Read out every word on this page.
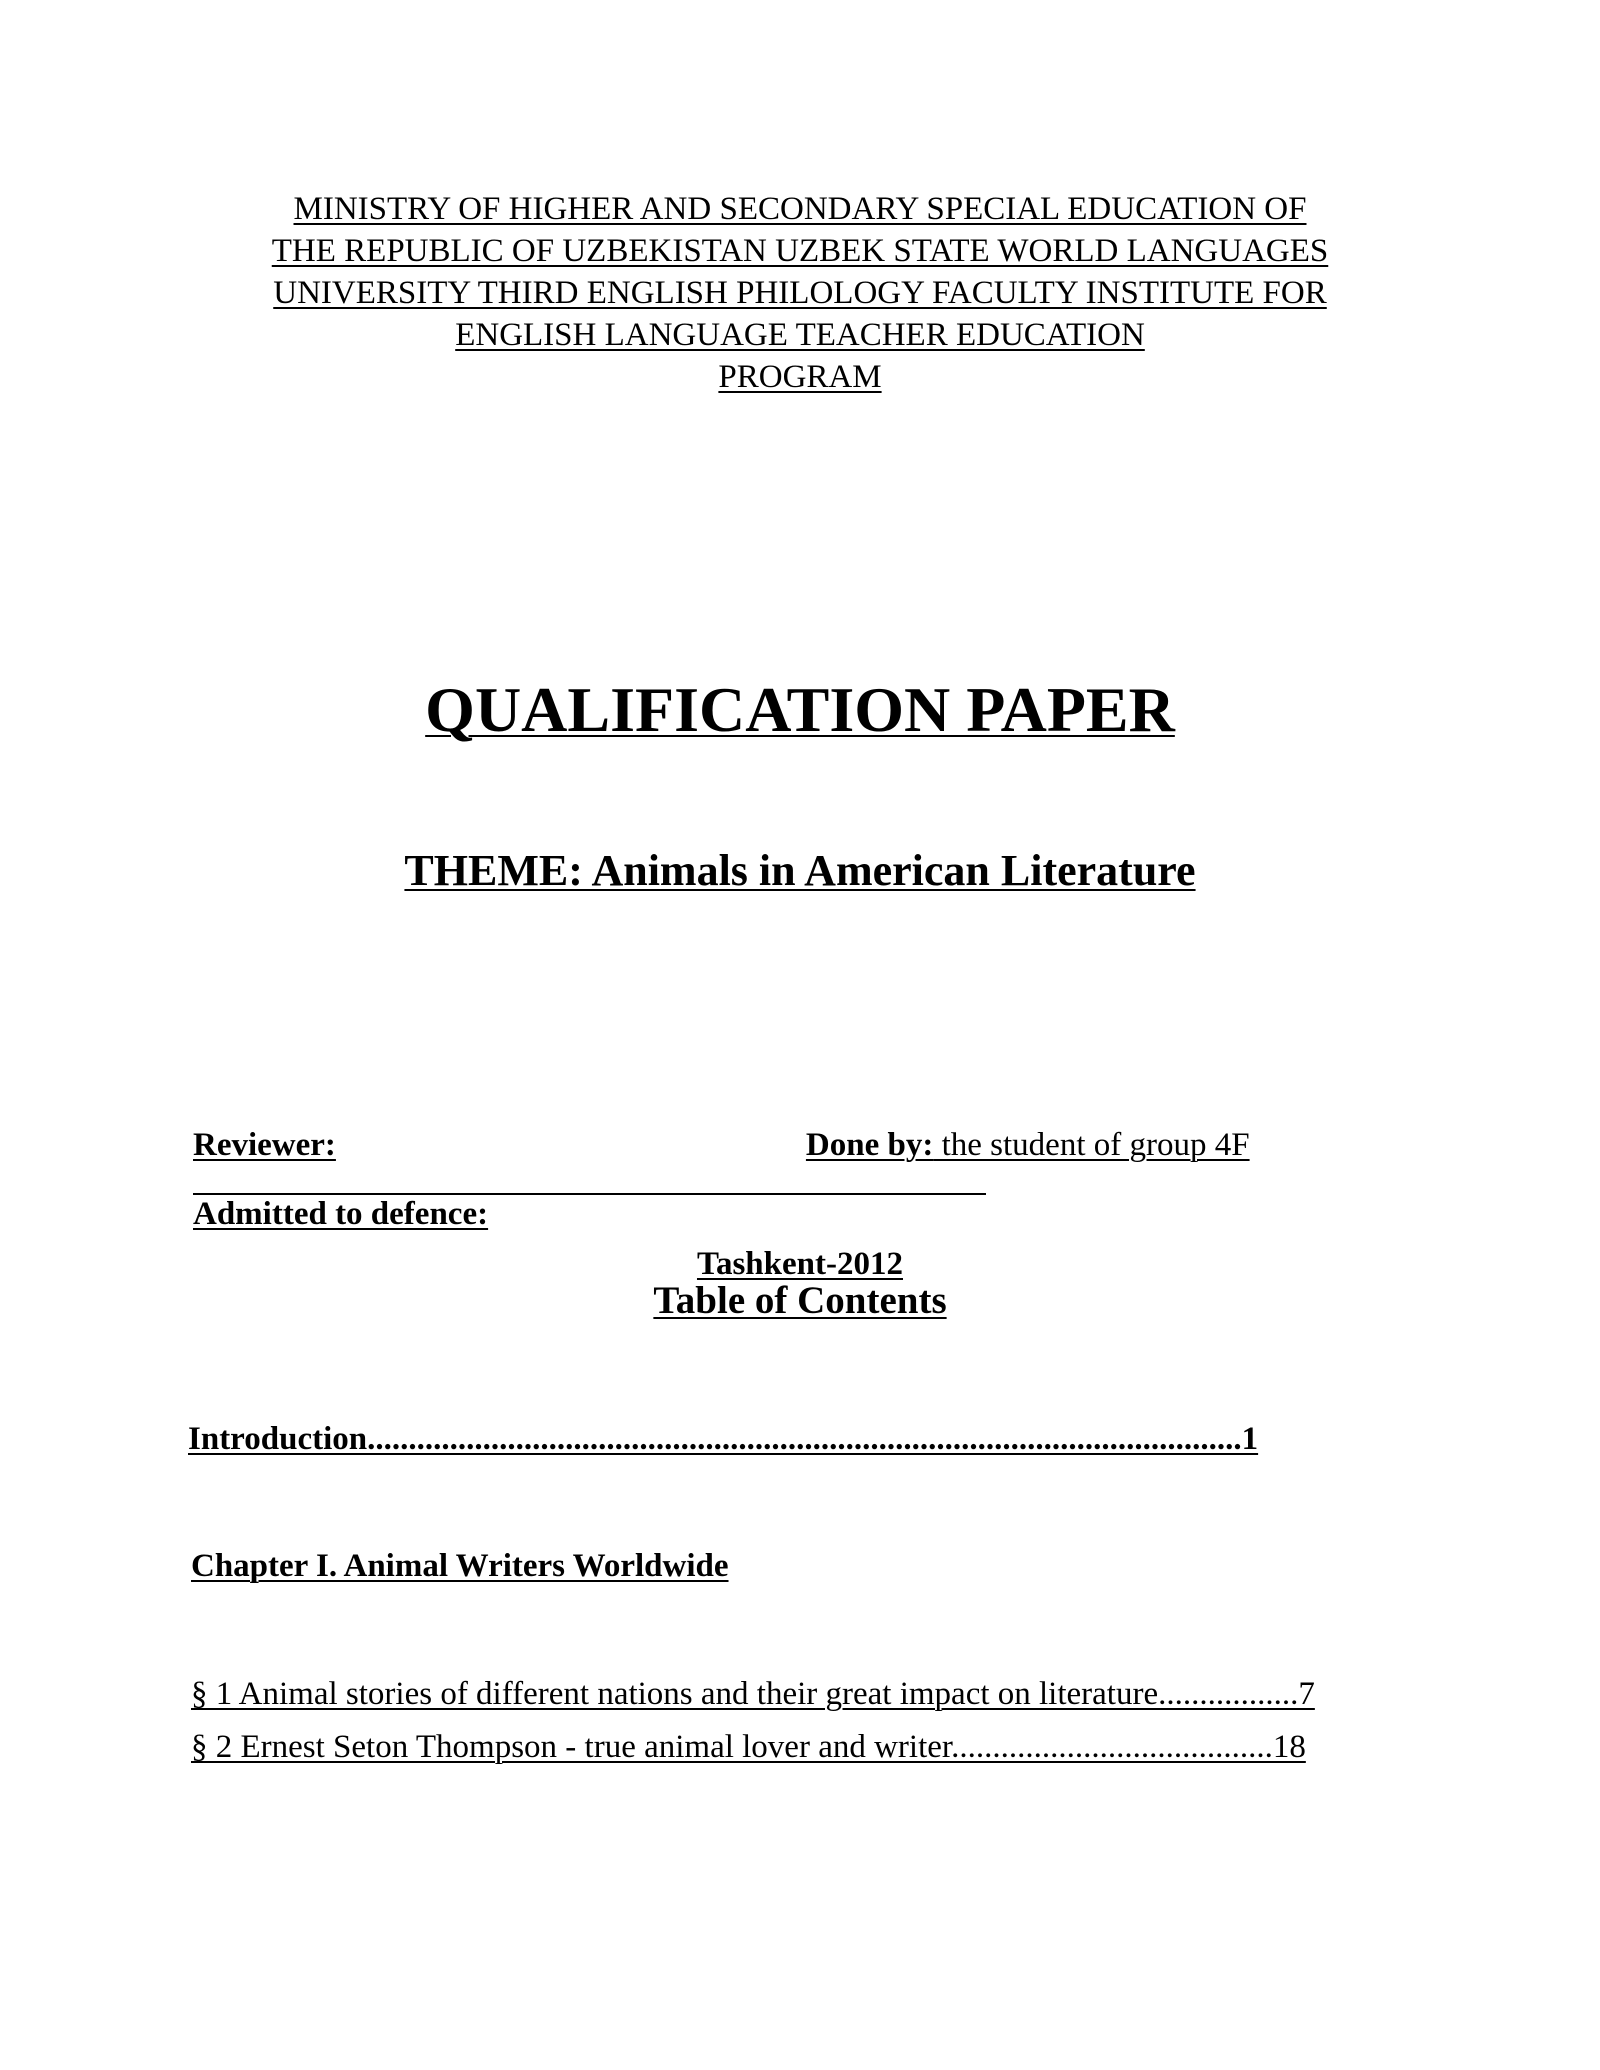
MINISTRY OF HIGHER AND SECONDARY SPECIAL EDUCATION OF
THE REPUBLIC OF UZBEKISTAN UZBEK STATE WORLD LANGUAGES
UNIVERSITY THIRD ENGLISH PHILOLOGY FACULTY INSTITUTE FOR
ENGLISH LANGUAGE TEACHER EDUCATION
PROGRAM
QUALIFICATION PAPER
THEME: Animals in American Literature
Reviewer:	Done by: the student of group 4F
Admitted to defence:
Tashkent-2012
Table of Contents
Introduction..........................................................................................................1
Chapter I. Animal Writers Worldwide
§ 1 Animal stories of different nations and their great impact on literature.................7
§ 2 Ernest Seton Thompson - true animal lover and writer.......................................18
